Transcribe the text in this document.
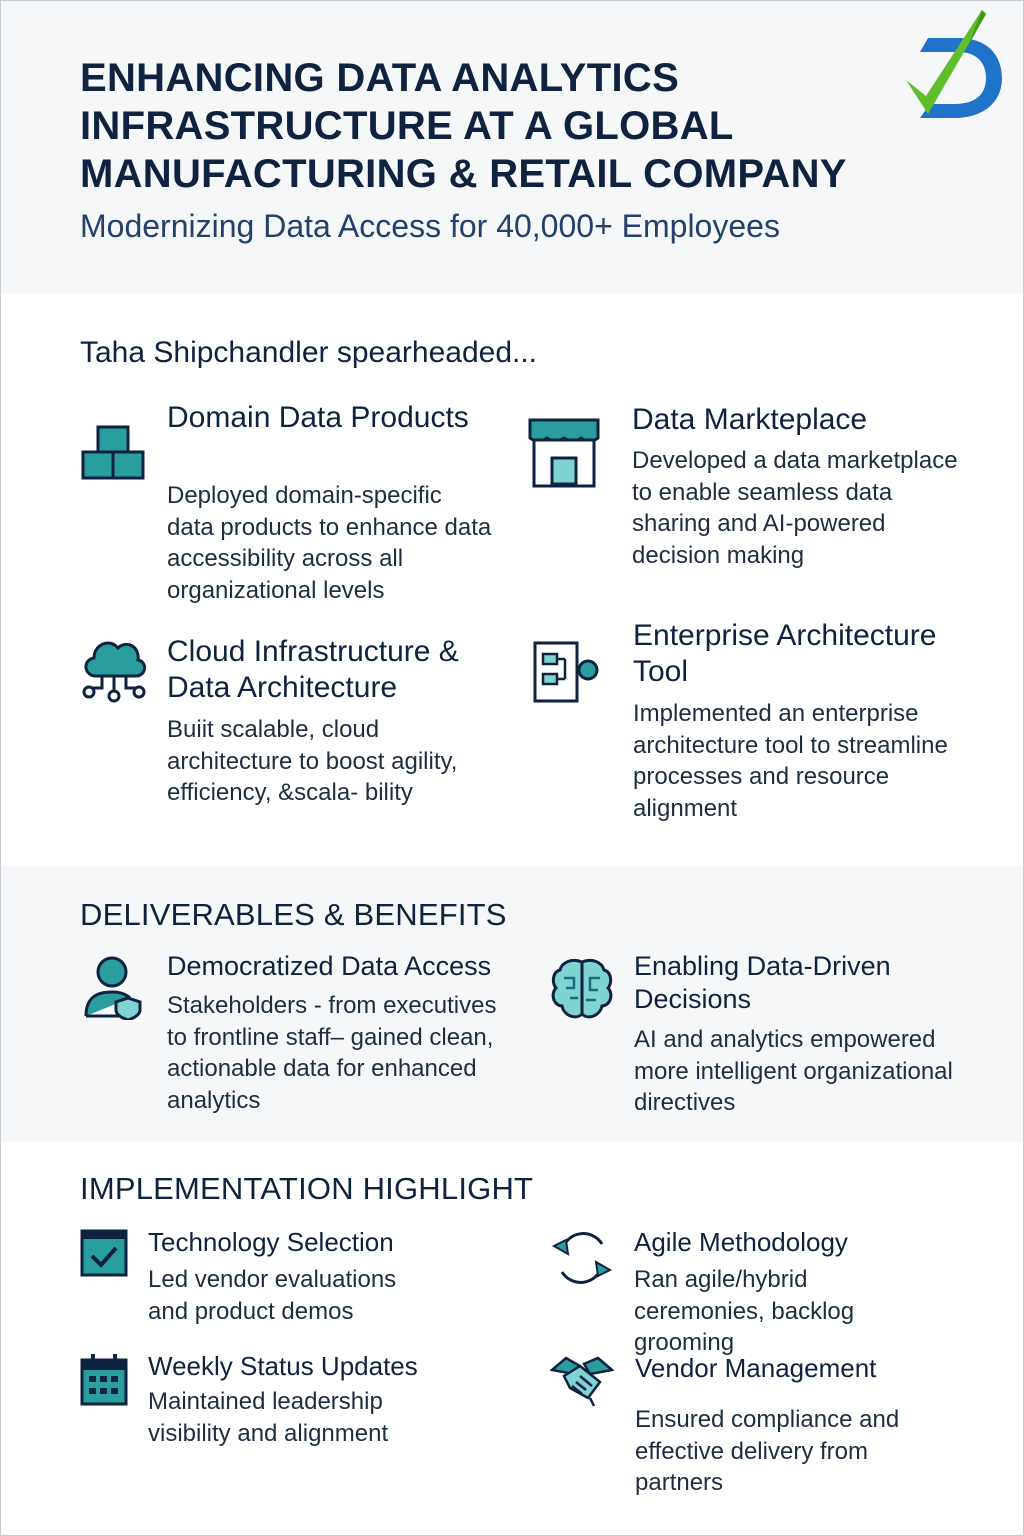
ENHANCING DATA ANALYTICS INFRASTRUCTURE AT A GLOBAL MANUFACTURING & RETAIL COMPANY
Modernizing Data Access for 40,000+ Employees
Taha Shipchandler spearheaded...
Domain Data Products
Deployed domain-specific data products to enhance data accessibility across all organizational levels
Data Markteplace
Developed a data marketplace to enable seamless data sharing and AI-powered decision making
Cloud Infrastructure & Data Architecture
Buiit scalable, cloud architecture to boost agility, efficiency, &scala- bility
Enterprise Architecture Tool
Implemented an enterprise architecture tool to streamline processes and resource alignment
DELIVERABLES & BENEFITS
Democratized Data Access
Stakeholders - from executives to frontline staff– gained clean, actionable data for enhanced analytics
Enabling Data-Driven Decisions
AI and analytics empowered more intelligent organizational directives
IMPLEMENTATION HIGHLIGHT
Technology Selection
Led vendor evaluations and product demos
Agile Methodology
Ran agile/hybrid ceremonies, backlog grooming
Weekly Status Updates
Maintained leadership visibility and alignment
Vendor Management
Ensured compliance and effective delivery from partners
